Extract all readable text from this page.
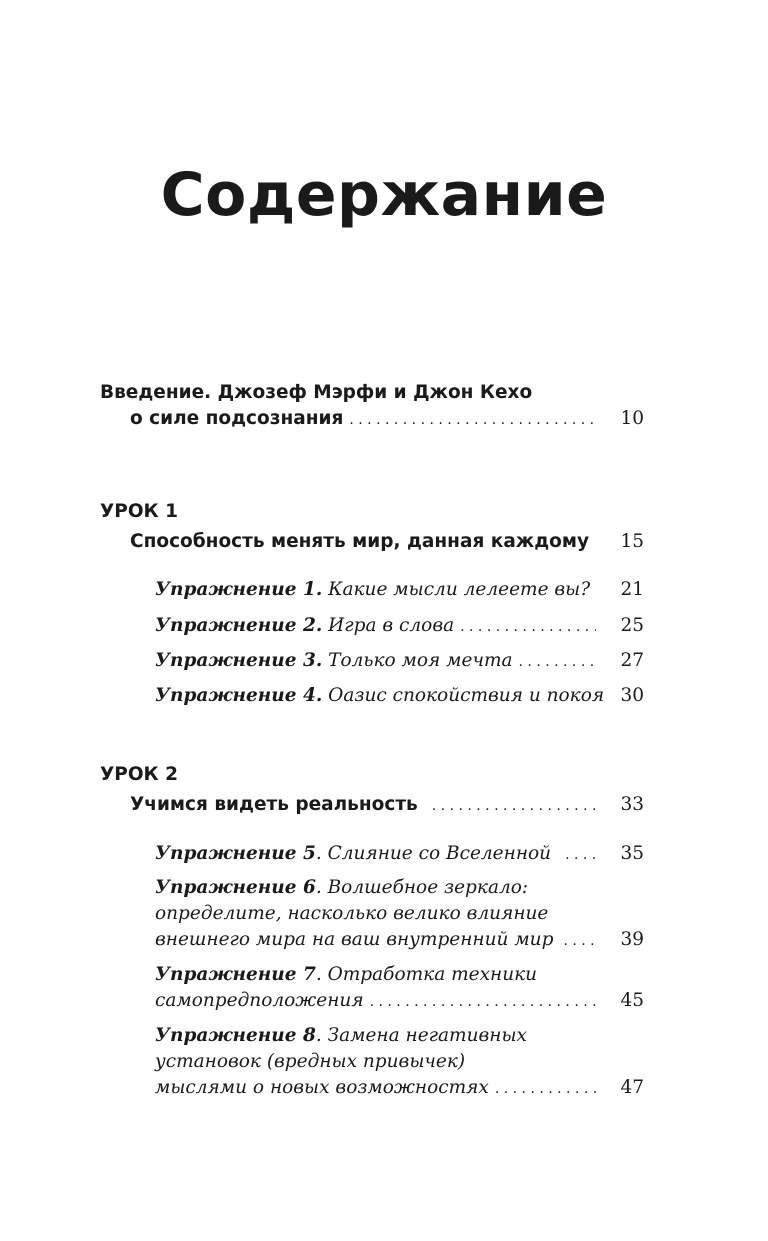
Содержание
Введение. Джозеф Мэрфи и Джон Кехо
о силе подсознания . . .	10
УРОК 1
Способность менять мир, данная каждому . . .	15
Упражнение 1. Какие мысли лелеете вы?	21
Упражнение 2. Игра в слова . . .	25
Упражнение 3. Только моя мечта . . .	27
Упражнение 4. Оазис спокойствия и покоя 30
УРОК 2
Учимся видеть реальность . . .	33
Упражнение 5. Слияние со Вселенной . . .	35
Упражнение 6. Волшебное зеркало:
определите, насколько велико влияние
внешнего мира на ваш внутренний мир . . .	39
Упражнение 7. Отработка техники
самопредположения . . .	45
Упражнение 8. Замена негативных
установок (вредных привычек)
мыслями о новых возможностях . . .	47
